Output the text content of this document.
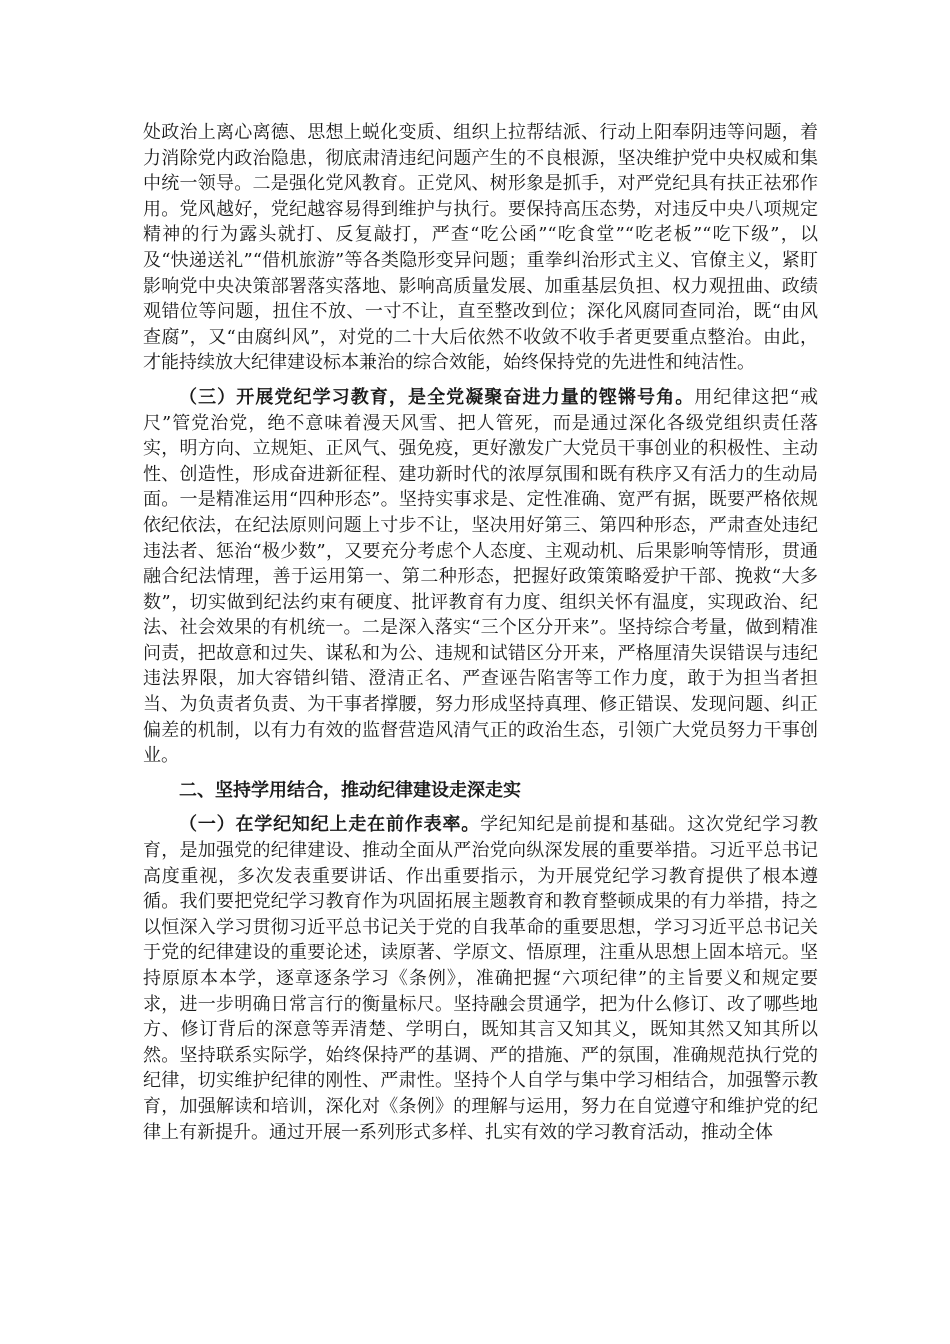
处政治上离心离德、思想上蜕化变质、组织上拉帮结派、行动上阳奉阴违等问题，着力消除党内政治隐患，彻底肃清违纪问题产生的不良根源，坚决维护党中央权威和集中统一领导。二是强化党风教育。正党风、树形象是抓手，对严党纪具有扶正祛邪作用。党风越好，党纪越容易得到维护与执行。要保持高压态势，对违反中央八项规定精神的行为露头就打、反复敲打，严查“吃公函”“吃食堂”“吃老板”“吃下级”，以及“快递送礼”“借机旅游”等各类隐形变异问题；重拳纠治形式主义、官僚主义，紧盯影响党中央决策部署落实落地、影响高质量发展、加重基层负担、权力观扭曲、政绩观错位等问题，扭住不放、一寸不让，直至整改到位；深化风腐同查同治，既“由风查腐”，又“由腐纠风”，对党的二十大后依然不收敛不收手者更要重点整治。由此，才能持续放大纪律建设标本兼治的综合效能，始终保持党的先进性和纯洁性。

（三）开展党纪学习教育，是全党凝聚奋进力量的铿锵号角。用纪律这把“戒尺”管党治党，绝不意味着漫天风雪、把人管死，而是通过深化各级党组织责任落实，明方向、立规矩、正风气、强免疫，更好激发广大党员干事创业的积极性、主动性、创造性，形成奋进新征程、建功新时代的浓厚氛围和既有秩序又有活力的生动局面。一是精准运用“四种形态”。坚持实事求是、定性准确、宽严有据，既要严格依规依纪依法，在纪法原则问题上寸步不让，坚决用好第三、第四种形态，严肃查处违纪违法者、惩治“极少数”，又要充分考虑个人态度、主观动机、后果影响等情形，贯通融合纪法情理，善于运用第一、第二种形态，把握好政策策略爱护干部、挽救“大多数”，切实做到纪法约束有硬度、批评教育有力度、组织关怀有温度，实现政治、纪法、社会效果的有机统一。二是深入落实“三个区分开来”。坚持综合考量，做到精准问责，把故意和过失、谋私和为公、违规和试错区分开来，严格厘清失误错误与违纪违法界限，加大容错纠错、澄清正名、严查诬告陷害等工作力度，敢于为担当者担当、为负责者负责、为干事者撑腰，努力形成坚持真理、修正错误、发现问题、纠正偏差的机制，以有力有效的监督营造风清气正的政治生态，引领广大党员努力干事创业。

二、坚持学用结合，推动纪律建设走深走实

（一）在学纪知纪上走在前作表率。学纪知纪是前提和基础。这次党纪学习教育，是加强党的纪律建设、推动全面从严治党向纵深发展的重要举措。习近平总书记高度重视，多次发表重要讲话、作出重要指示，为开展党纪学习教育提供了根本遵循。我们要把党纪学习教育作为巩固拓展主题教育和教育整顿成果的有力举措，持之以恒深入学习贯彻习近平总书记关于党的自我革命的重要思想，学习习近平总书记关于党的纪律建设的重要论述，读原著、学原文、悟原理，注重从思想上固本培元。坚持原原本本学，逐章逐条学习《条例》，准确把握“六项纪律”的主旨要义和规定要求，进一步明确日常言行的衡量标尺。坚持融会贯通学，把为什么修订、改了哪些地方、修订背后的深意等弄清楚、学明白，既知其言又知其义，既知其然又知其所以然。坚持联系实际学，始终保持严的基调、严的措施、严的氛围，准确规范执行党的纪律，切实维护纪律的刚性、严肃性。坚持个人自学与集中学习相结合，加强警示教育，加强解读和培训，深化对《条例》的理解与运用，努力在自觉遵守和维护党的纪律上有新提升。通过开展一系列形式多样、扎实有效的学习教育活动，推动全体
